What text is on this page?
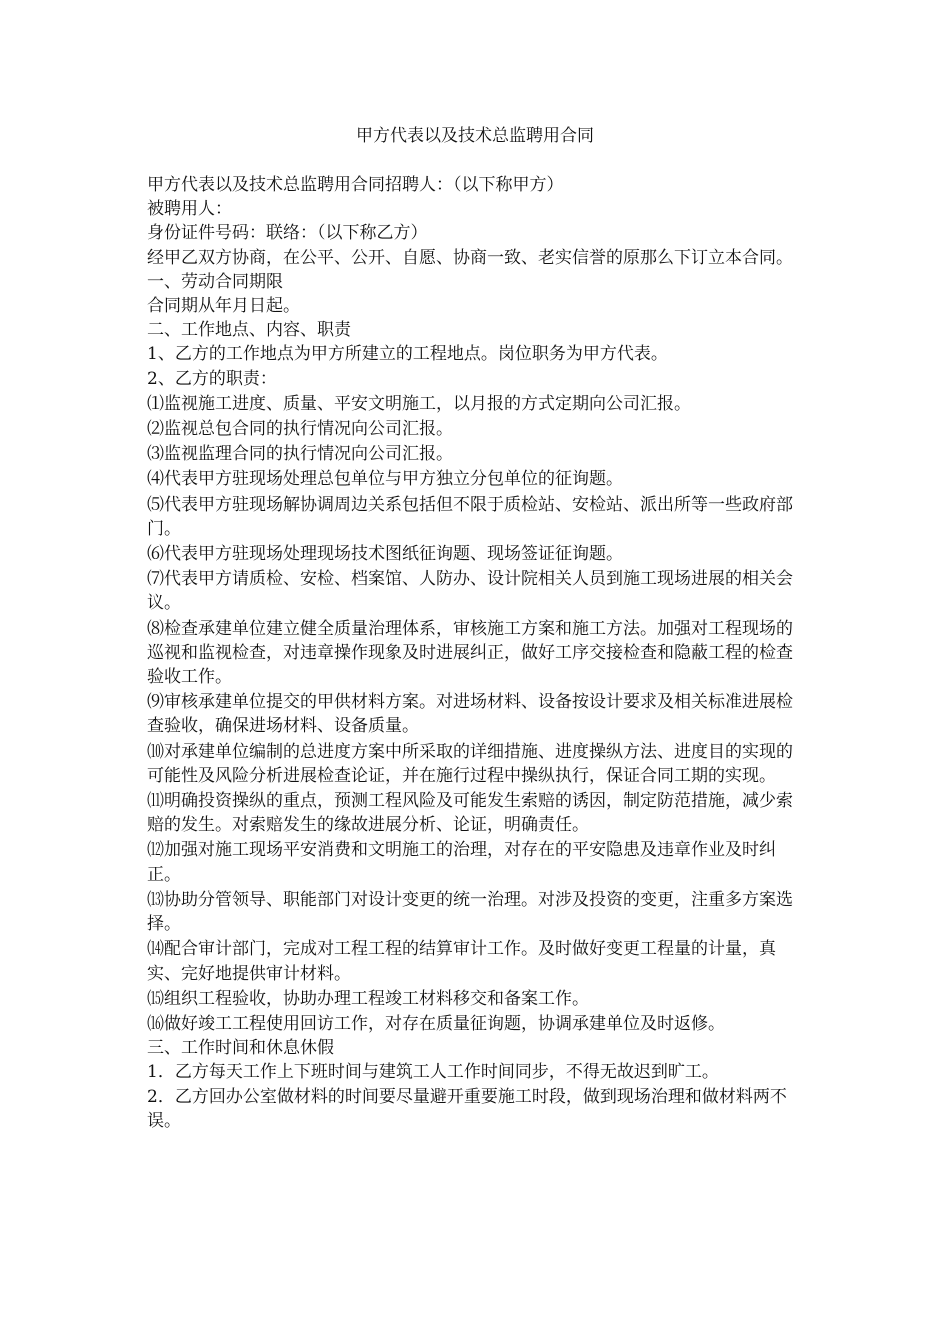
甲方代表以及技术总监聘用合同

甲方代表以及技术总监聘用合同招聘人：（以下称甲方）

被聘用人：

身份证件号码：联络：（以下称乙方）

经甲乙双方协商，在公平、公开、自愿、协商一致、老实信誉的原那么下订立本合同。

一、劳动合同期限

合同期从年月日起。

二、工作地点、内容、职责

1、乙方的工作地点为甲方所建立的工程地点。岗位职务为甲方代表。

2、乙方的职责：

⑴监视施工进度、质量、平安文明施工，以月报的方式定期向公司汇报。

⑵监视总包合同的执行情况向公司汇报。

⑶监视监理合同的执行情况向公司汇报。

⑷代表甲方驻现场处理总包单位与甲方独立分包单位的征询题。

⑸代表甲方驻现场解协调周边关系包括但不限于质检站、安检站、派出所等一些政府部门。

⑹代表甲方驻现场处理现场技术图纸征询题、现场签证征询题。

⑺代表甲方请质检、安检、档案馆、人防办、设计院相关人员到施工现场进展的相关会议。

⑻检查承建单位建立健全质量治理体系，审核施工方案和施工方法。加强对工程现场的巡视和监视检查，对违章操作现象及时进展纠正，做好工序交接检查和隐蔽工程的检查验收工作。

⑼审核承建单位提交的甲供材料方案。对进场材料、设备按设计要求及相关标准进展检查验收，确保进场材料、设备质量。

⑽对承建单位编制的总进度方案中所采取的详细措施、进度操纵方法、进度目的实现的可能性及风险分析进展检查论证，并在施行过程中操纵执行，保证合同工期的实现。

⑾明确投资操纵的重点，预测工程风险及可能发生索赔的诱因，制定防范措施，减少索赔的发生。对索赔发生的缘故进展分析、论证，明确责任。

⑿加强对施工现场平安消费和文明施工的治理，对存在的平安隐患及违章作业及时纠正。

⒀协助分管领导、职能部门对设计变更的统一治理。对涉及投资的变更，注重多方案选择。

⒁配合审计部门，完成对工程工程的结算审计工作。及时做好变更工程量的计量，真实、完好地提供审计材料。

⒂组织工程验收，协助办理工程竣工材料移交和备案工作。

⒃做好竣工工程使用回访工作，对存在质量征询题，协调承建单位及时返修。

三、工作时间和休息休假

1．乙方每天工作上下班时间与建筑工人工作时间同步，不得无故迟到旷工。

2．乙方回办公室做材料的时间要尽量避开重要施工时段，做到现场治理和做材料两不误。
